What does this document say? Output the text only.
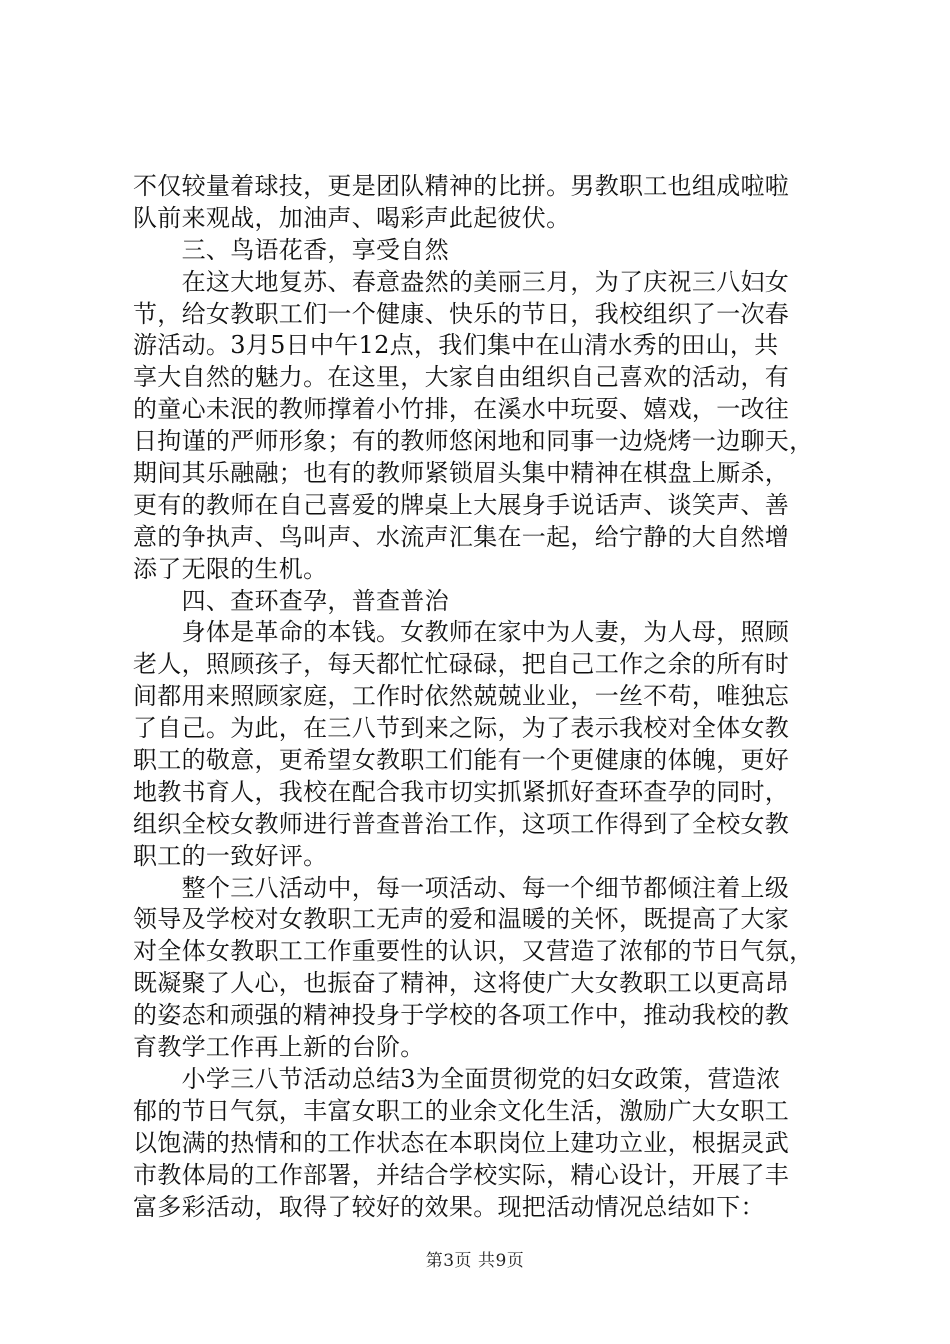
不仅较量着球技，更是团队精神的比拼。男教职工也组成啦啦
队前来观战，加油声、喝彩声此起彼伏。
　　三、鸟语花香，享受自然
　　在这大地复苏、春意盎然的美丽三月，为了庆祝三八妇女
节，给女教职工们一个健康、快乐的节日，我校组织了一次春
游活动。3月5日中午12点，我们集中在山清水秀的田山，共
享大自然的魅力。在这里，大家自由组织自己喜欢的活动，有
的童心未泯的教师撑着小竹排，在溪水中玩耍、嬉戏，一改往
日拘谨的严师形象；有的教师悠闲地和同事一边烧烤一边聊天，
期间其乐融融；也有的教师紧锁眉头集中精神在棋盘上厮杀，
更有的教师在自己喜爱的牌桌上大展身手说话声、谈笑声、善
意的争执声、鸟叫声、水流声汇集在一起，给宁静的大自然增
添了无限的生机。
　　四、查环查孕，普查普治
　　身体是革命的本钱。女教师在家中为人妻，为人母，照顾
老人，照顾孩子，每天都忙忙碌碌，把自己工作之余的所有时
间都用来照顾家庭，工作时依然兢兢业业，一丝不苟，唯独忘
了自己。为此，在三八节到来之际，为了表示我校对全体女教
职工的敬意，更希望女教职工们能有一个更健康的体魄，更好
地教书育人，我校在配合我市切实抓紧抓好查环查孕的同时，
组织全校女教师进行普查普治工作，这项工作得到了全校女教
职工的一致好评。
　　整个三八活动中，每一项活动、每一个细节都倾注着上级
领导及学校对女教职工无声的爱和温暖的关怀，既提高了大家
对全体女教职工工作重要性的认识，又营造了浓郁的节日气氛，
既凝聚了人心，也振奋了精神，这将使广大女教职工以更高昂
的姿态和顽强的精神投身于学校的各项工作中，推动我校的教
育教学工作再上新的台阶。
　　小学三八节活动总结3为全面贯彻党的妇女政策，营造浓
郁的节日气氛，丰富女职工的业余文化生活，激励广大女职工
以饱满的热情和的工作状态在本职岗位上建功立业，根据灵武
市教体局的工作部署，并结合学校实际，精心设计，开展了丰
富多彩活动，取得了较好的效果。现把活动情况总结如下：
第3页 共9页
